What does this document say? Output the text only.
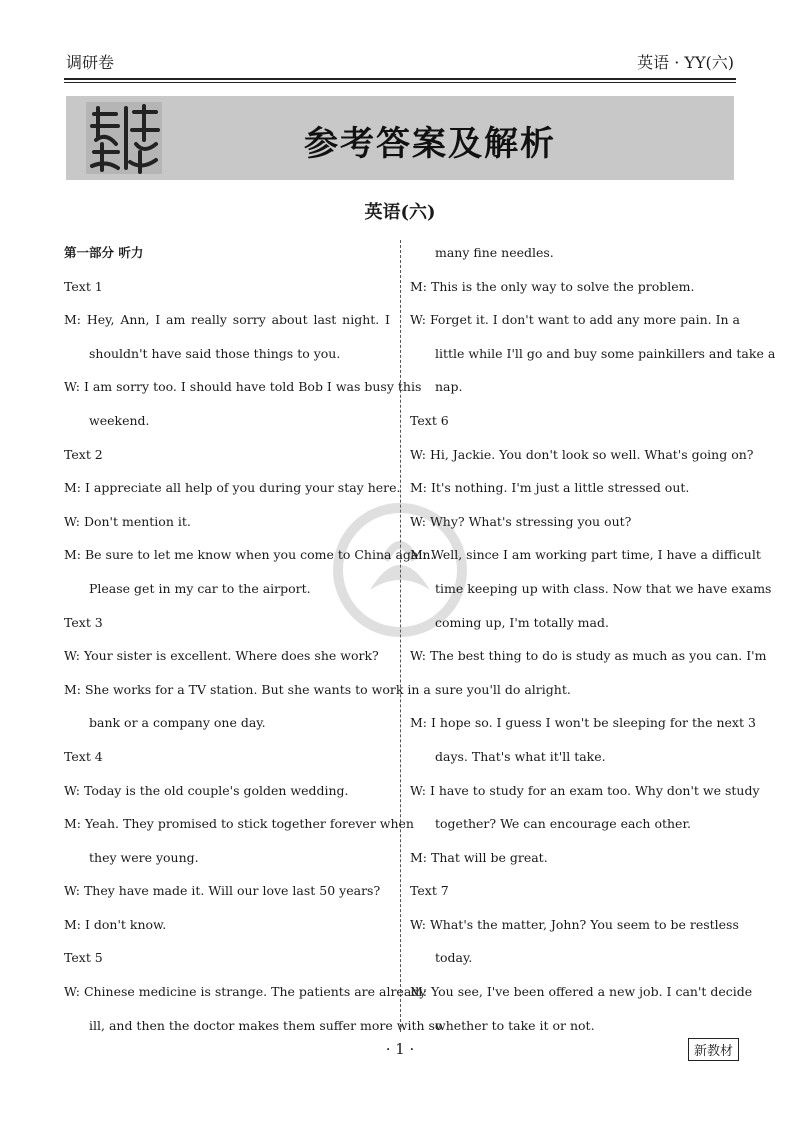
调研卷	英语 · YY(六)
参考答案及解析
英语(六)
第一部分 听力
Text 1
M: Hey, Ann, I am really sorry about last night. I
shouldn't have said those things to you.
W: I am sorry too. I should have told Bob I was busy this
weekend.
Text 2
M: I appreciate all help of you during your stay here.
W: Don't mention it.
M: Be sure to let me know when you come to China again.
Please get in my car to the airport.
Text 3
W: Your sister is excellent. Where does she work?
M: She works for a TV station. But she wants to work in a
bank or a company one day.
Text 4
W: Today is the old couple's golden wedding.
M: Yeah. They promised to stick together forever when
they were young.
W: They have made it. Will our love last 50 years?
M: I don't know.
Text 5
W: Chinese medicine is strange. The patients are already
ill, and then the doctor makes them suffer more with so
many fine needles.
M: This is the only way to solve the problem.
W: Forget it. I don't want to add any more pain. In a
little while I'll go and buy some painkillers and take a
nap.
Text 6
W: Hi, Jackie. You don't look so well. What's going on?
M: It's nothing. I'm just a little stressed out.
W: Why? What's stressing you out?
M: Well, since I am working part time, I have a difficult
time keeping up with class. Now that we have exams
coming up, I'm totally mad.
W: The best thing to do is study as much as you can. I'm
sure you'll do alright.
M: I hope so. I guess I won't be sleeping for the next 3
days. That's what it'll take.
W: I have to study for an exam too. Why don't we study
together? We can encourage each other.
M: That will be great.
Text 7
W: What's the matter, John? You seem to be restless
today.
M: You see, I've been offered a new job. I can't decide
whether to take it or not.
· 1 ·	新教材
